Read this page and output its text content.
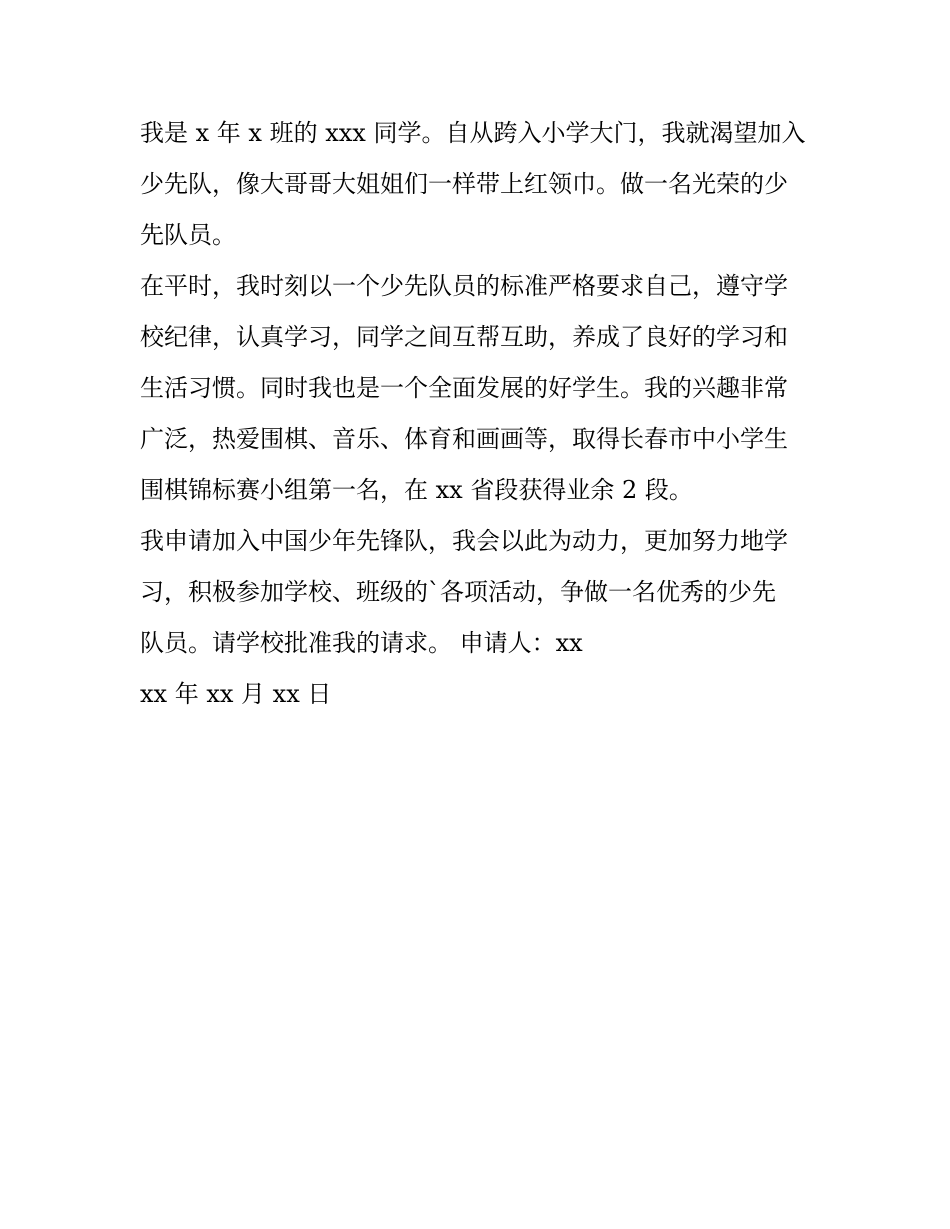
我是 x 年 x 班的 xxx 同学。自从跨入小学大门，我就渴望加入
少先队，像大哥哥大姐姐们一样带上红领巾。做一名光荣的少
先队员。
在平时，我时刻以一个少先队员的标准严格要求自己，遵守学
校纪律，认真学习，同学之间互帮互助，养成了良好的学习和
生活习惯。同时我也是一个全面发展的好学生。我的兴趣非常
广泛，热爱围棋、音乐、体育和画画等，取得长春市中小学生
围棋锦标赛小组第一名，在 xx 省段获得业余 2 段。
我申请加入中国少年先锋队，我会以此为动力，更加努力地学
习，积极参加学校、班级的`各项活动，争做一名优秀的少先
队员。请学校批准我的请求。 申请人：xx
xx 年 xx 月 xx 日
